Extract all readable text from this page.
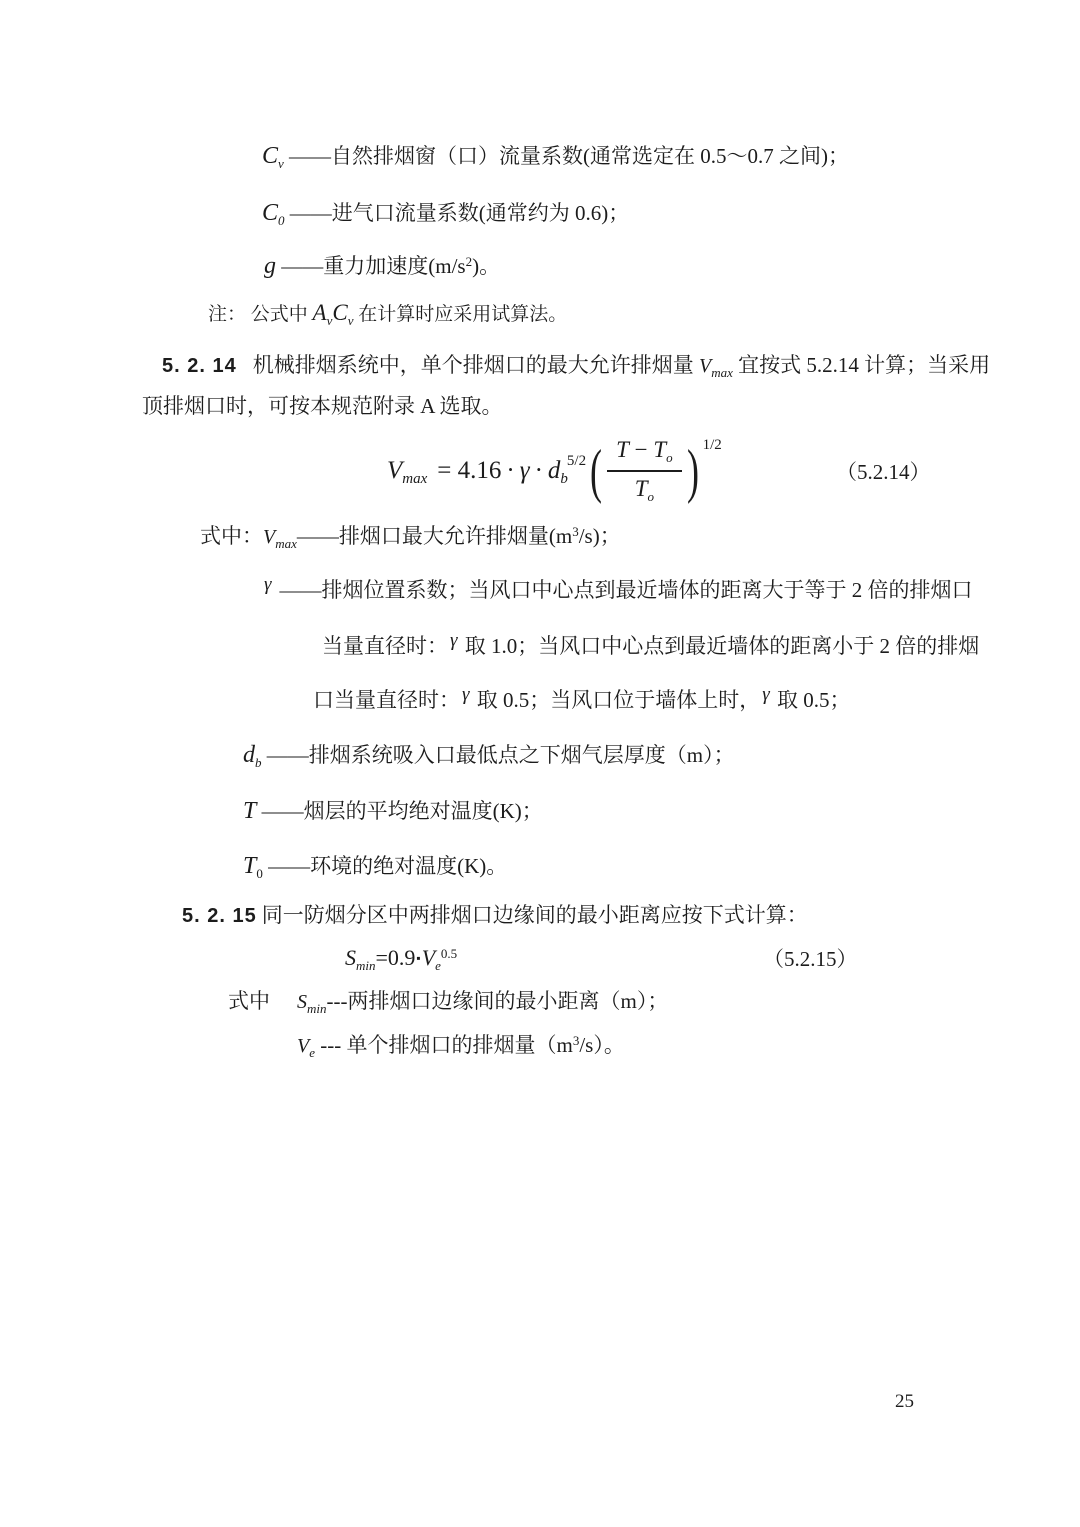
$C_v$ ——自然排烟窗（口）流量系数(通常选定在 0.5～0.7 之间)；
$C_0$ ——进气口流量系数(通常约为 0.6)；
g ——重力加速度$(m/s^2)$。
注： 公式中 $A_vC_v$ 在计算时应采用试算法。
5. 2. 14 机械排烟系统中，单个排烟口的最大允许排烟量 $V_{max}$ 宜按式 5.2.14 计算；当采用
顶排烟口时，可按本规范附录 A 选取。
V max = 4.16 · γ · d b
5/2 ( $\frac{T - T_o}{T_o}$ ) 1/2
（5.2.14）
式中：$V_{max}——$排烟口最大允许排烟量$(m^3/s)$；
γ ——排烟位置系数；当风口中心点到最近墙体的距离大于等于 2 倍的排烟口
当量直径时： γ 取 1.0；当风口中心点到最近墙体的距离小于 2 倍的排烟
口当量直径时： γ 取 0.5；当风口位于墙体上时， γ 取 0.5；
$d_b$ ——排烟系统吸入口最低点之下烟气层厚度（m）；
T ——烟层的平均绝对温度(K)；
$T_0$ ——环境的绝对温度(K)。
5. 2. 15 同一防烟分区中两排烟口边缘间的最小距离应按下式计算：
$S_{min}=0.9▪V_e^{0.5}$	（5.2.15）
式中 $S_{min}---$两排烟口边缘间的最小距离（m）；
$V_e$ --- 单个排烟口的排烟量$(m^3/s)$。
25
